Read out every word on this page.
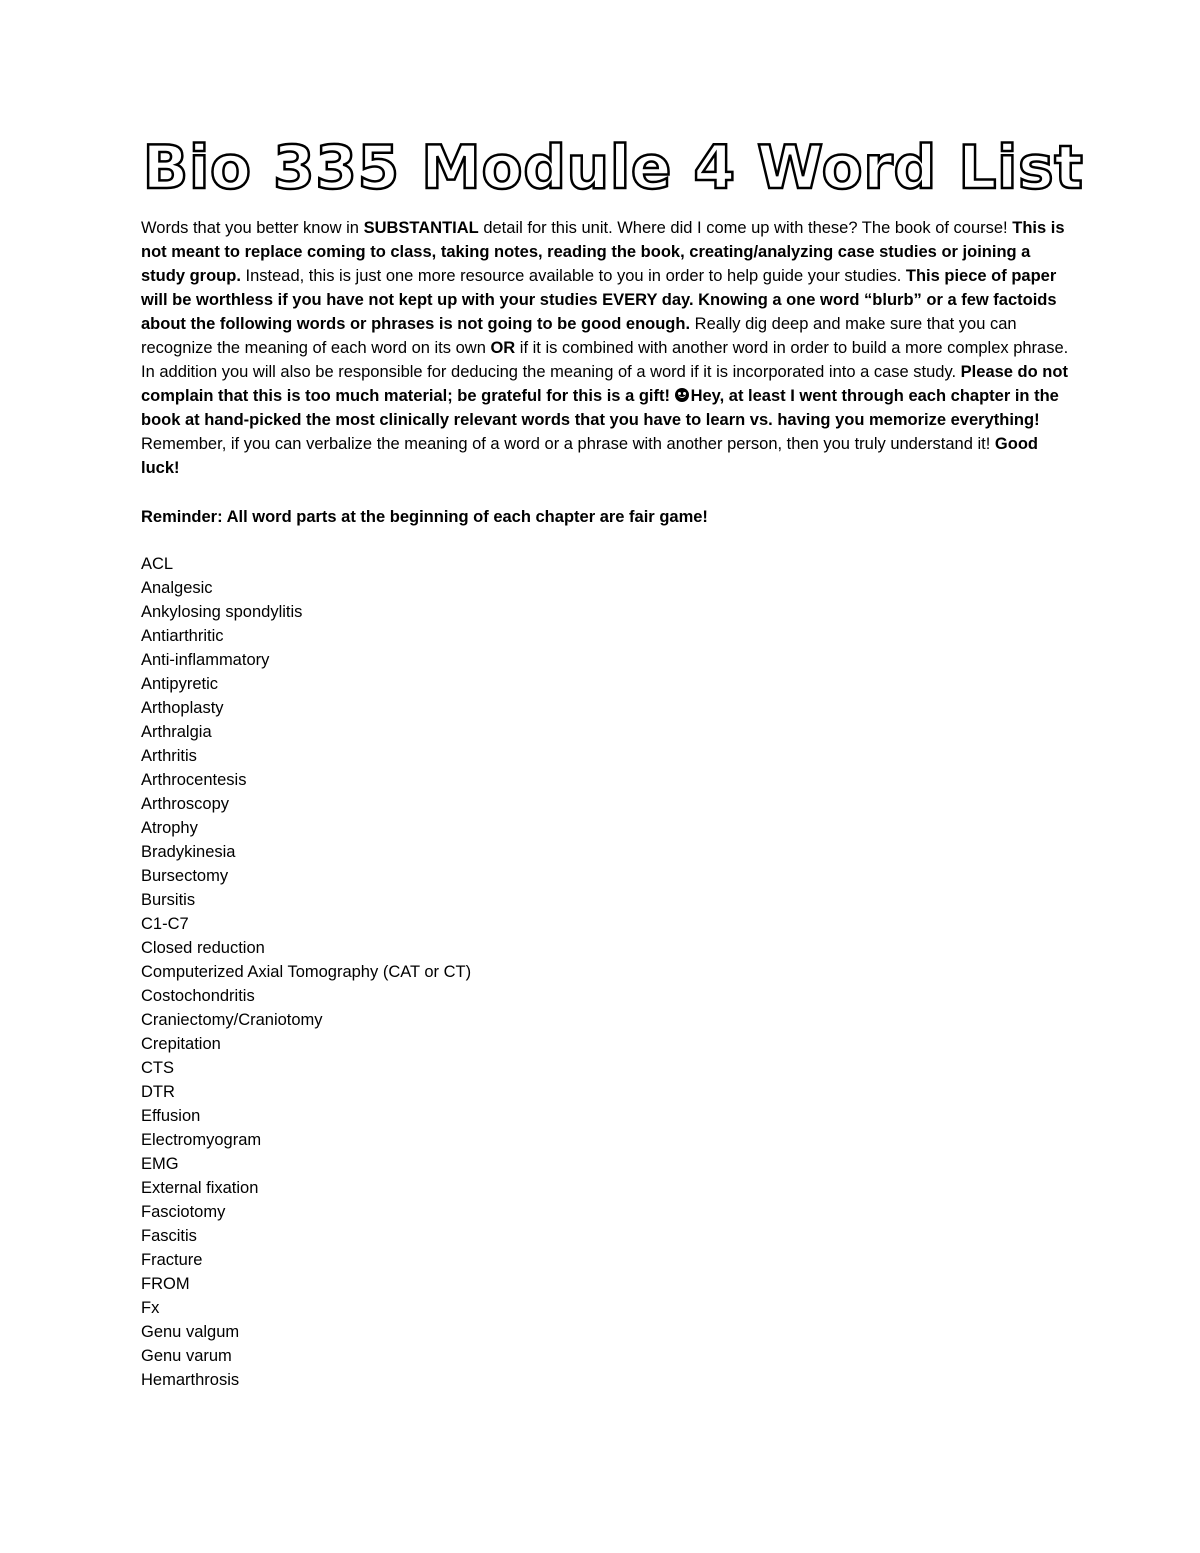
Bio 335 Module 4 Word List

Words that you better know in SUBSTANTIAL detail for this unit. Where did I come up with these? The book of course! This is not meant to replace coming to class, taking notes, reading the book, creating/analyzing case studies or joining a study group. Instead, this is just one more resource available to you in order to help guide your studies. This piece of paper will be worthless if you have not kept up with your studies EVERY day. Knowing a one word “blurb” or a few factoids about the following words or phrases is not going to be good enough. Really dig deep and make sure that you can recognize the meaning of each word on its own OR if it is combined with another word in order to build a more complex phrase. In addition you will also be responsible for deducing the meaning of a word if it is incorporated into a case study. Please do not complain that this is too much material; be grateful for this is a gift!
Hey, at least I went through each chapter in the book at hand-picked the most clinically relevant words that you have to learn vs. having you memorize everything! Remember, if you can verbalize the meaning of a word or a phrase with another person, then you truly understand it! Good luck!

Reminder: All word parts at the beginning of each chapter are fair game!

ACL
Analgesic
Ankylosing spondylitis
Antiarthritic
Anti-inflammatory
Antipyretic
Arthoplasty
Arthralgia
Arthritis
Arthrocentesis
Arthroscopy
Atrophy
Bradykinesia
Bursectomy
Bursitis
C1-C7
Closed reduction
Computerized Axial Tomography (CAT or CT)
Costochondritis
Craniectomy/Craniotomy
Crepitation
CTS
DTR
Effusion
Electromyogram
EMG
External fixation
Fasciotomy
Fascitis
Fracture
FROM
Fx
Genu valgum
Genu varum
Hemarthrosis
